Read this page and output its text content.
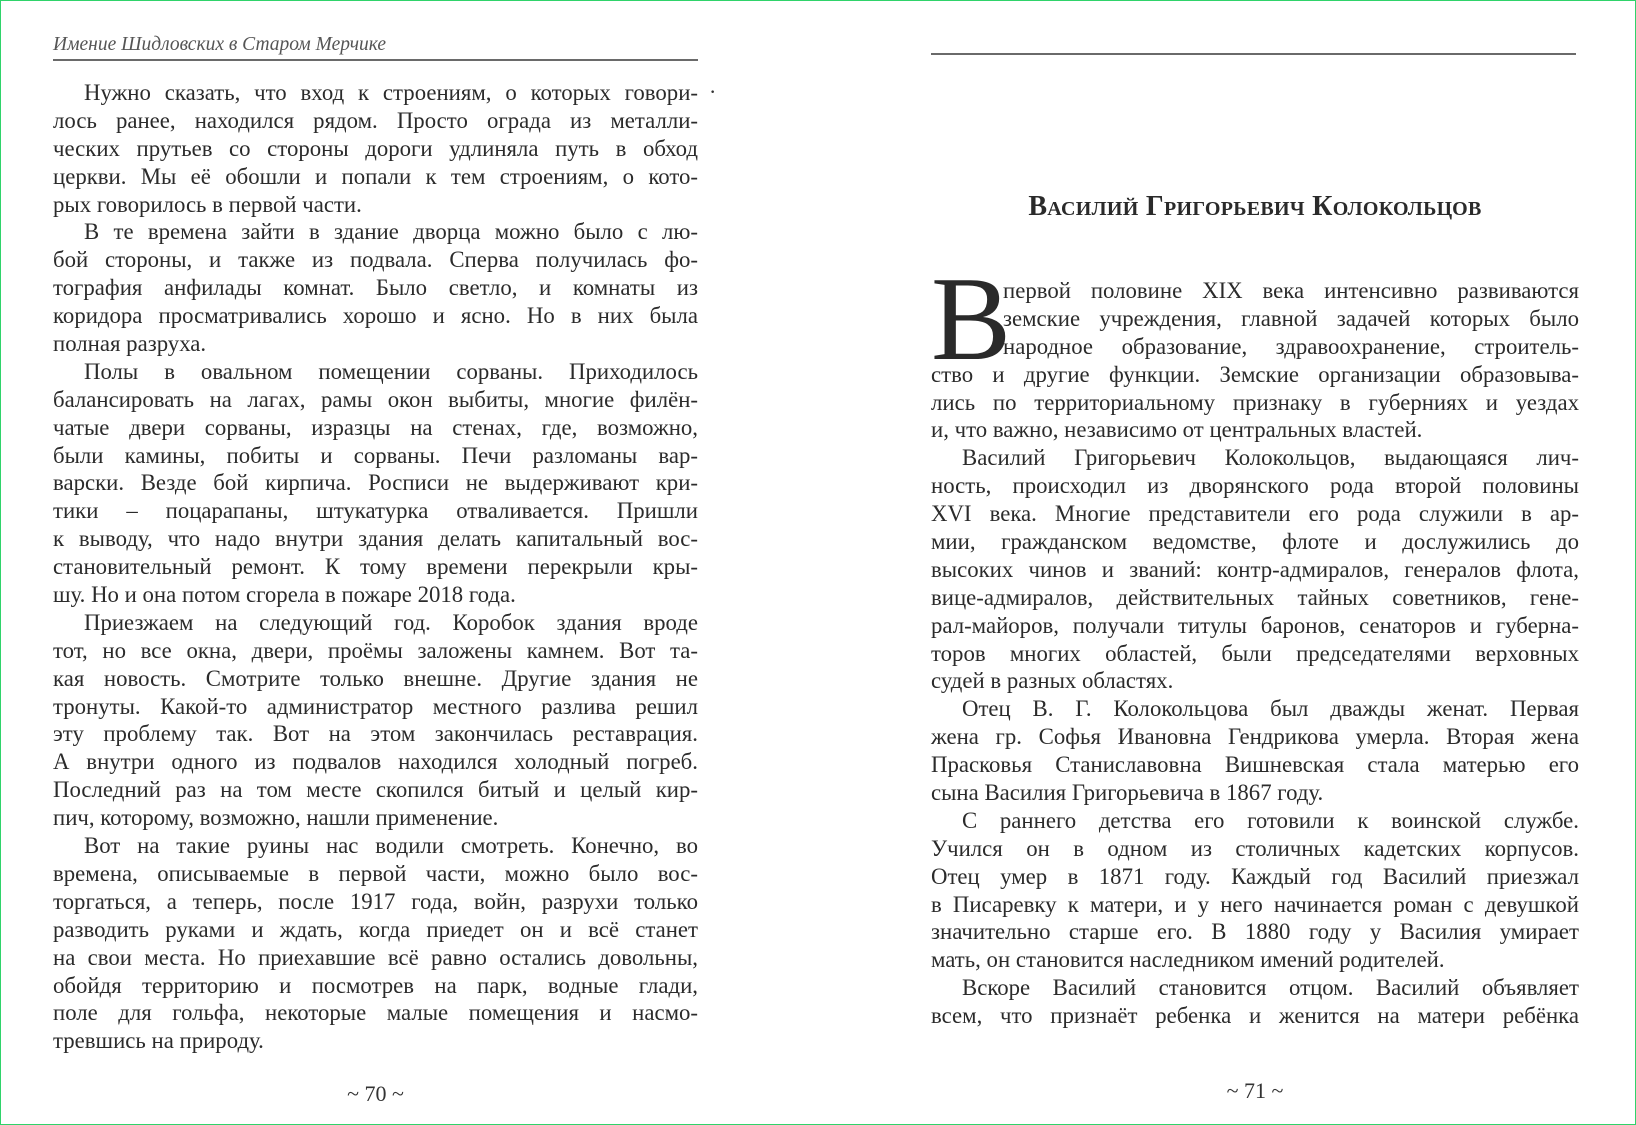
Имение Шидловских в Старом Мерчике
Нужно сказать, что вход к строениям, о которых говори-
лось ранее, находился рядом. Просто ограда из металли-
ческих прутьев со стороны дороги удлиняла путь в обход
церкви. Мы её обошли и попали к тем строениям, о кото-
рых говорилось в первой части.
В те времена зайти в здание дворца можно было с лю-
бой стороны, и также из подвала. Сперва получилась фо-
тография анфилады комнат. Было светло, и комнаты из
коридора просматривались хорошо и ясно. Но в них была
полная разруха.
Полы в овальном помещении сорваны. Приходилось
балансировать на лагах, рамы окон выбиты, многие филён-
чатые двери сорваны, изразцы на стенах, где, возможно,
были камины, побиты и сорваны. Печи разломаны вар-
варски. Везде бой кирпича. Росписи не выдерживают кри-
тики – поцарапаны, штукатурка отваливается. Пришли
к выводу, что надо внутри здания делать капитальный вос-
становительный ремонт. К тому времени перекрыли кры-
шу. Но и она потом сгорела в пожаре 2018 года.
Приезжаем на следующий год. Коробок здания вроде
тот, но все окна, двери, проёмы заложены камнем. Вот та-
кая новость. Смотрите только внешне. Другие здания не
тронуты. Какой-то администратор местного разлива решил
эту проблему так. Вот на этом закончилась реставрация.
А внутри одного из подвалов находился холодный погреб.
Последний раз на том месте скопился битый и целый кир-
пич, которому, возможно, нашли применение.
Вот на такие руины нас водили смотреть. Конечно, во
времена, описываемые в первой части, можно было вос-
торгаться, а теперь, после 1917 года, войн, разрухи только
разводить руками и ждать, когда приедет он и всё станет
на свои места. Но приехавшие всё равно остались довольны,
обойдя территорию и посмотрев на парк, водные глади,
поле для гольфа, некоторые малые помещения и насмо-
тревшись на природу.
~ 70 ~
·
Василий Григорьевич Колокольцов
В
первой половине XIX века интенсивно развиваются
земские учреждения, главной задачей которых было
народное образование, здравоохранение, строитель-
ство и другие функции. Земские организации образовыва-
лись по территориальному признаку в губерниях и уездах
и, что важно, независимо от центральных властей.
Василий Григорьевич Колокольцов, выдающаяся лич-
ность, происходил из дворянского рода второй половины
XVI века. Многие представители его рода служили в ар-
мии, гражданском ведомстве, флоте и дослужились до
высоких чинов и званий: контр-адмиралов, генералов флота,
вице-адмиралов, действительных тайных советников, гене-
рал-майоров, получали титулы баронов, сенаторов и губерна-
торов многих областей, были председателями верховных
судей в разных областях.
Отец В. Г. Колокольцова был дважды женат. Первая
жена гр. Софья Ивановна Гендрикова умерла. Вторая жена
Прасковья Станиславовна Вишневская стала матерью его
сына Василия Григорьевича в 1867 году.
С раннего детства его готовили к воинской службе.
Учился он в одном из столичных кадетских корпусов.
Отец умер в 1871 году. Каждый год Василий приезжал
в Писаревку к матери, и у него начинается роман с девушкой
значительно старше его. В 1880 году у Василия умирает
мать, он становится наследником имений родителей.
Вскоре Василий становится отцом. Василий объявляет
всем, что признаёт ребенка и женится на матери ребёнка
~ 71 ~
